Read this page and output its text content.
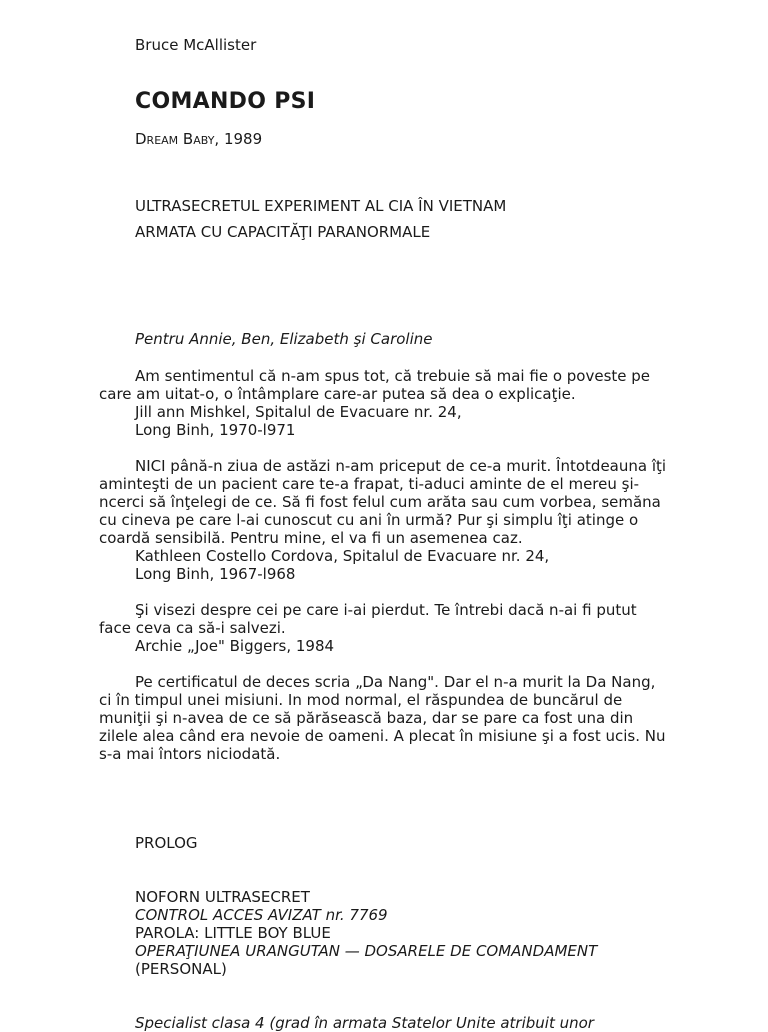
Bruce McAllister
COMANDO PSI
Dream Baby, 1989
ULTRASECRETUL EXPERIMENT AL CIA ÎN VIETNAM
ARMATA CU CAPACITĂŢI PARANORMALE
Pentru Annie, Ben, Elizabeth şi Caroline

Am sentimentul că n-am spus tot, că trebuie să mai fie o poveste pe care am uitat-o, o întâmplare care-ar putea să dea o explicaţie.

Jill ann Mishkel, Spitalul de Evacuare nr. 24,
Long Binh, 1970-l971

NICI până-n ziua de astăzi n-am priceput de ce-a murit. Întotdeauna îţi aminteşti de un pacient care te-a frapat, ti-aduci aminte de el mereu şi-ncerci să înţelegi de ce. Să fi fost felul cum arăta sau cum vorbea, semăna cu cineva pe care l-ai cunoscut cu ani în urmă? Pur şi simplu îţi atinge o coardă sensibilă. Pentru mine, el va fi un asemenea caz.

Kathleen Costello Cordova, Spitalul de Evacuare nr. 24,
Long Binh, 1967-l968

Şi visezi despre cei pe care i-ai pierdut. Te întrebi dacă n-ai fi putut face ceva ca să-i salvezi.

Archie „Joe" Biggers, 1984

Pe certificatul de deces scria „Da Nang". Dar el n-a murit la Da Nang, ci în timpul unei misiuni. In mod normal, el răspundea de buncărul de muniţii şi n-avea de ce să părăsească baza, dar se pare ca fost una din zilele alea când era nevoie de oameni. A plecat în misiune şi a fost ucis. Nu s-a mai întors niciodată.

PROLOG
NOFORN ULTRASECRET
CONTROL ACCES AVIZAT nr. 7769
PAROLA: LITTLE BOY BLUE
OPERAŢIUNEA URANGUTAN — DOSARELE DE COMANDAMENT
(PERSONAL)
Specialist clasa 4 (grad în armata Statelor Unite atribuit unor
